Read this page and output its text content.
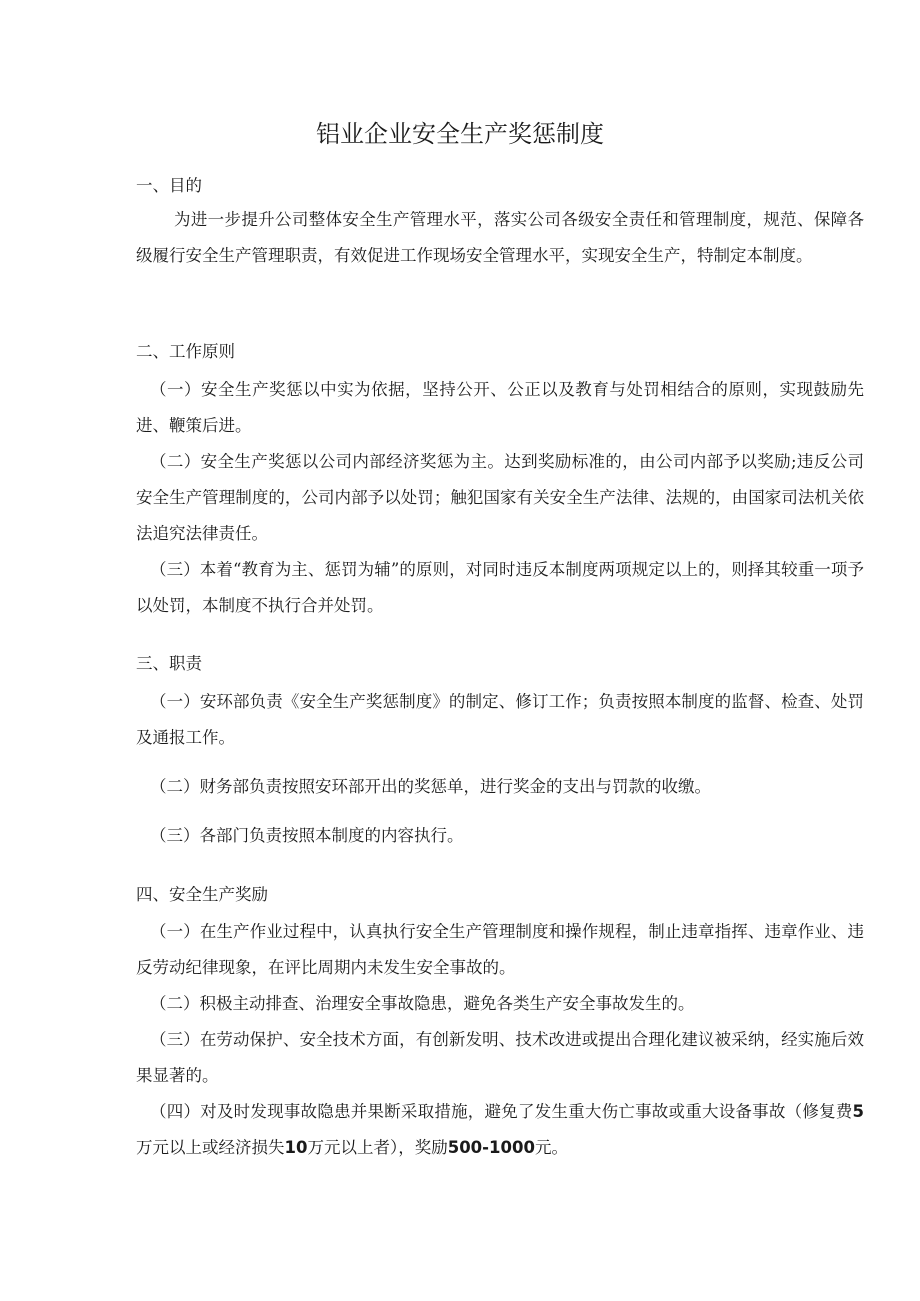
铝业企业安全生产奖惩制度
一、目的
为进一步提升公司整体安全生产管理水平，落实公司各级安全责任和管理制度，规范、保障各级履行安全生产管理职责，有效促进工作现场安全管理水平，实现安全生产，特制定本制度。
二、工作原则
（一）安全生产奖惩以中实为依据，坚持公开、公正以及教育与处罚相结合的原则，实现鼓励先进、鞭策后进。
（二）安全生产奖惩以公司内部经济奖惩为主。达到奖励标准的，由公司内部予以奖励;违反公司安全生产管理制度的，公司内部予以处罚；触犯国家有关安全生产法律、法规的，由国家司法机关依法追究法律责任。
（三）本着“教育为主、惩罚为辅”的原则，对同时违反本制度两项规定以上的，则择其较重一项予以处罚，本制度不执行合并处罚。
三、职责
（一）安环部负责《安全生产奖惩制度》的制定、修订工作；负责按照本制度的监督、检查、处罚及通报工作。
（二）财务部负责按照安环部开出的奖惩单，进行奖金的支出与罚款的收缴。
（三）各部门负责按照本制度的内容执行。
四、安全生产奖励
（一）在生产作业过程中，认真执行安全生产管理制度和操作规程，制止违章指挥、违章作业、违反劳动纪律现象，在评比周期内未发生安全事故的。
（二）积极主动排查、治理安全事故隐患，避免各类生产安全事故发生的。
（三）在劳动保护、安全技术方面，有创新发明、技术改进或提出合理化建议被采纳，经实施后效果显著的。
（四）对及时发现事故隐患并果断采取措施，避免了发生重大伤亡事故或重大设备事故（修复费5万元以上或经济损失10万元以上者），奖励500-1000元。
